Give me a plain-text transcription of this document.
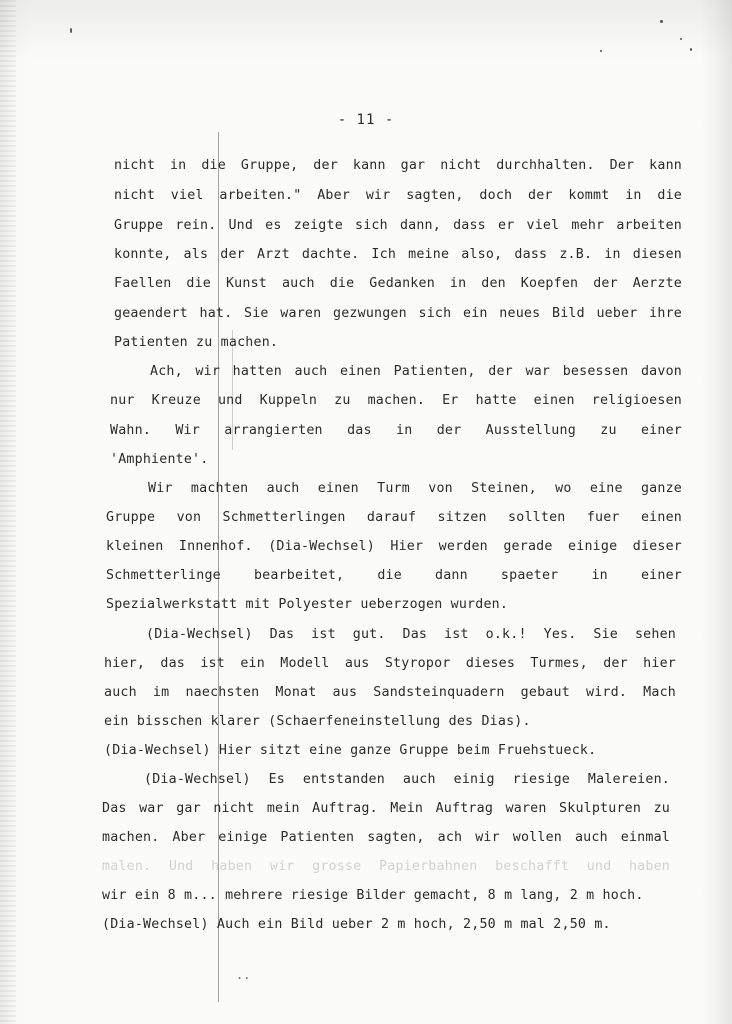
- 11 -
nicht in die Gruppe, der kann gar nicht durchhalten. Der kann
nicht viel arbeiten." Aber wir sagten, doch der kommt in die
Gruppe rein. Und es zeigte sich dann, dass er viel mehr arbeiten
konnte, als der Arzt dachte. Ich meine also, dass z.B. in diesen
Faellen die Kunst auch die Gedanken in den Koepfen der Aerzte
geaendert hat. Sie waren gezwungen sich ein neues Bild ueber ihre
Patienten zu machen.
Ach, wir hatten auch einen Patienten, der war besessen davon
nur Kreuze und Kuppeln zu machen. Er hatte einen religioesen
Wahn. Wir arrangierten das in der Ausstellung zu einer
'Amphiente'.
Wir machten auch einen Turm von Steinen, wo eine ganze
Gruppe von Schmetterlingen darauf sitzen sollten fuer einen
kleinen Innenhof. (Dia-Wechsel) Hier werden gerade einige dieser
Schmetterlinge bearbeitet, die dann spaeter in einer
Spezialwerkstatt mit Polyester ueberzogen wurden.
(Dia-Wechsel) Das ist gut. Das ist o.k.! Yes. Sie sehen
hier, das ist ein Modell aus Styropor dieses Turmes, der hier
auch im naechsten Monat aus Sandsteinquadern gebaut wird. Mach
ein bisschen klarer (Schaerfeneinstellung des Dias).
(Dia-Wechsel) Hier sitzt eine ganze Gruppe beim Fruehstueck.
(Dia-Wechsel) Es entstanden auch einig riesige Malereien.
Das war gar nicht mein Auftrag. Mein Auftrag waren Skulpturen zu
machen. Aber einige Patienten sagten, ach wir wollen auch einmal
malen. Und haben wir grosse Papierbahnen beschafft und haben
wir ein 8 m... mehrere riesige Bilder gemacht, 8 m lang, 2 m hoch.
(Dia-Wechsel) Auch ein Bild ueber 2 m hoch, 2,50 m mal 2,50 m.
..
